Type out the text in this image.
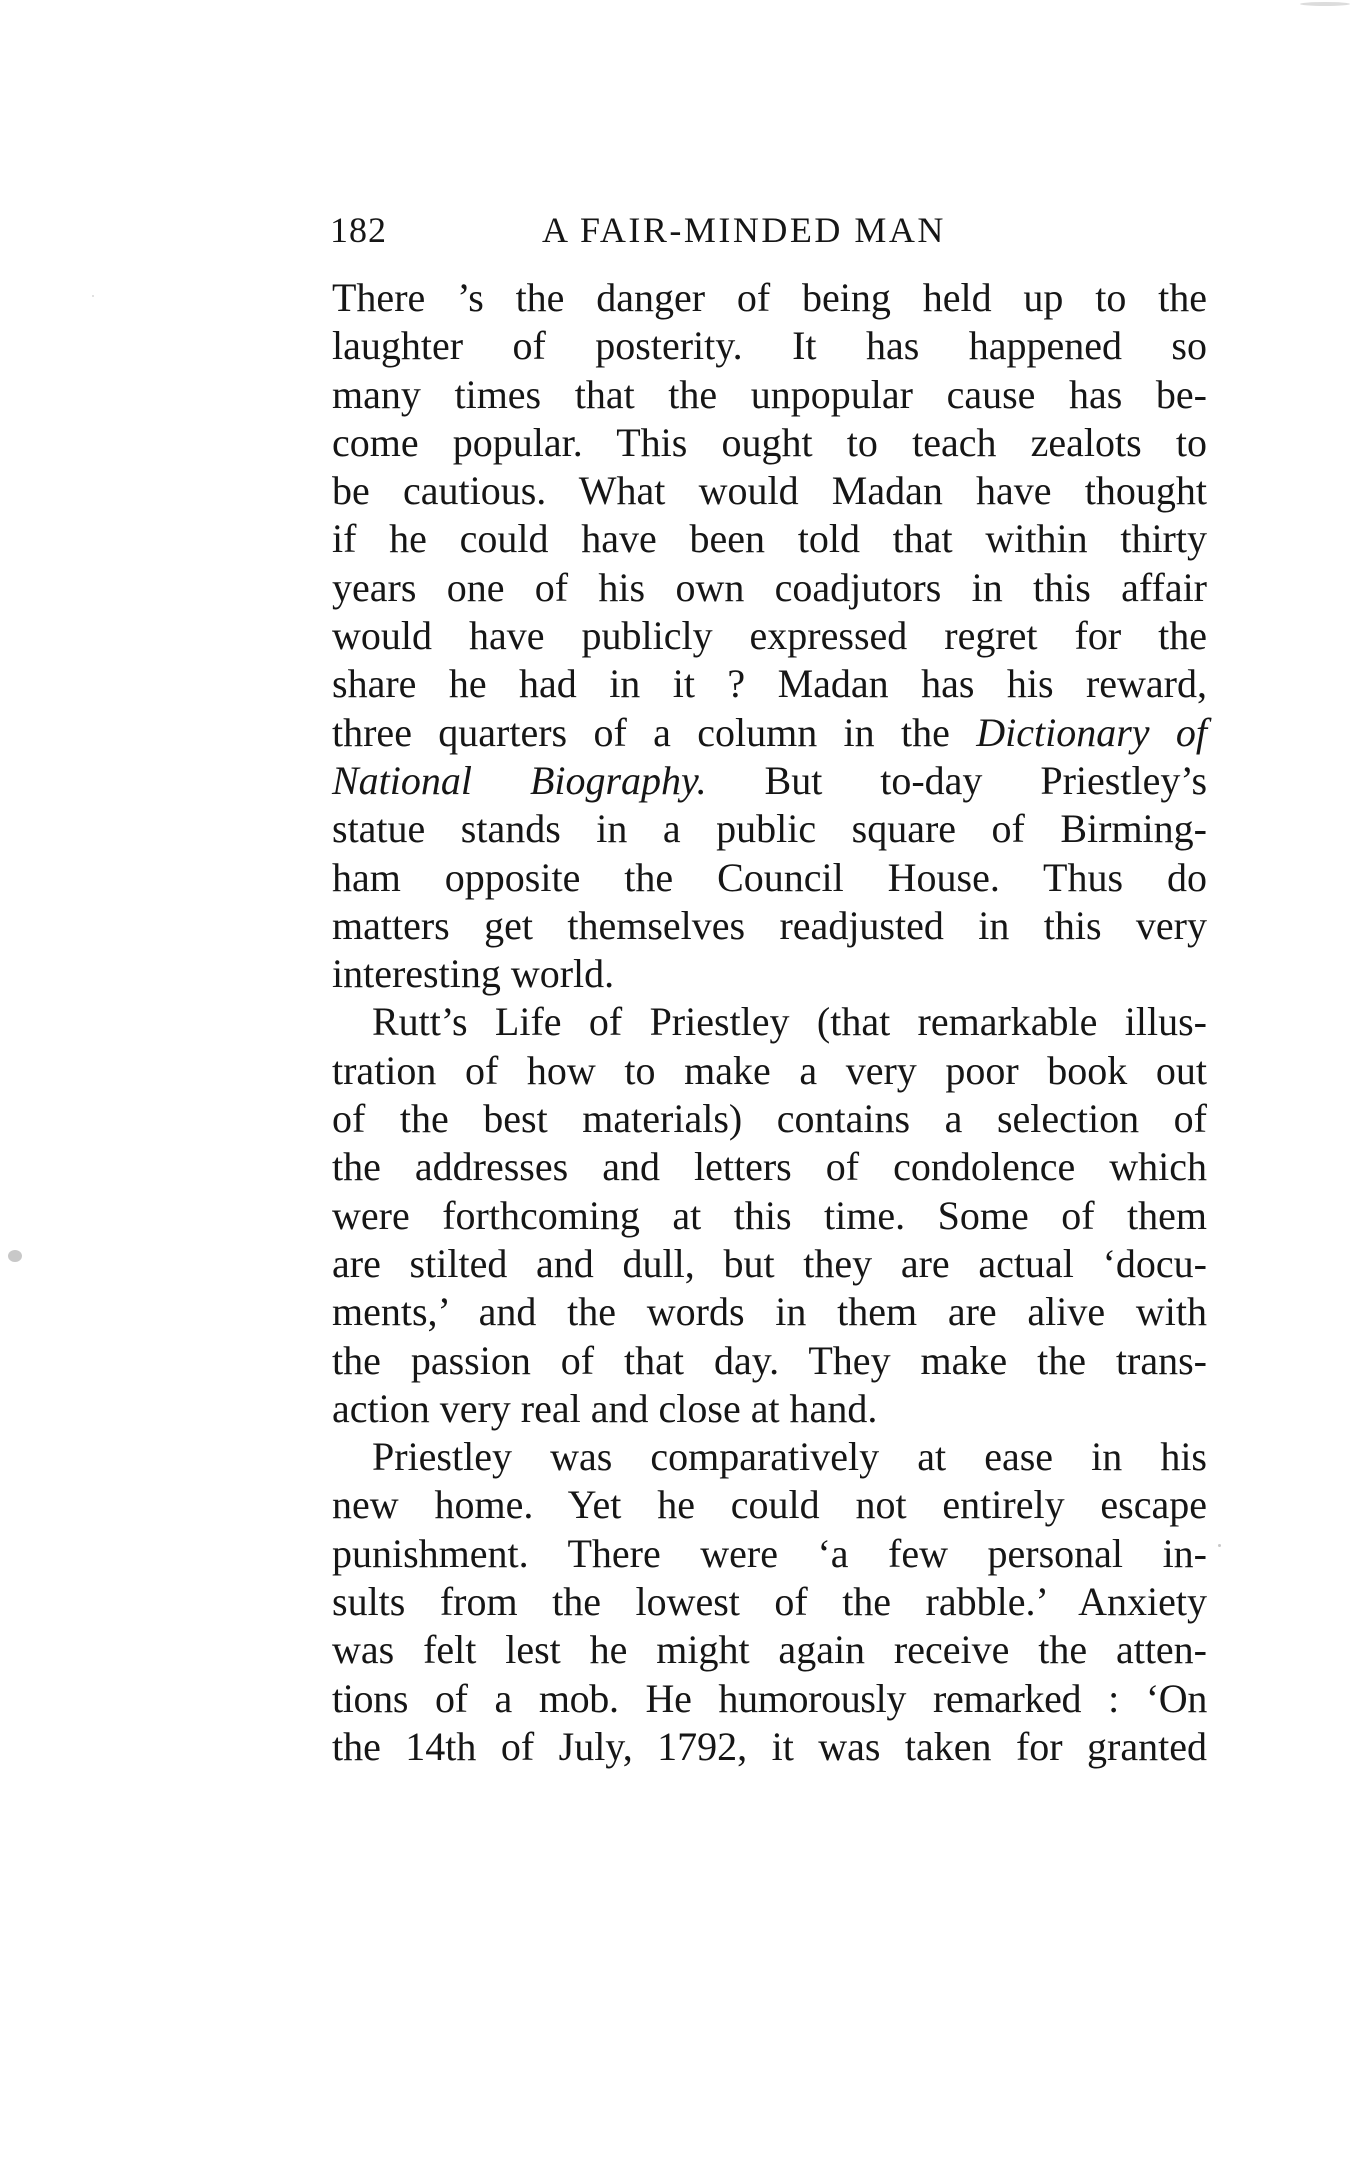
182	A FAIR-MINDED MAN
There ’s the danger of being held up to the
laughter of posterity. It has happened so
many times that the unpopular cause has be-
come popular. This ought to teach zealots to
be cautious. What would Madan have thought
if he could have been told that within thirty
years one of his own coadjutors in this affair
would have publicly expressed regret for the
share he had in it ? Madan has his reward,
three quarters of a column in the Dictionary of
National Biography. But to-day Priestley’s
statue stands in a public square of Birming-
ham opposite the Council House. Thus do
matters get themselves readjusted in this very
interesting world.
Rutt’s Life of Priestley (that remarkable illus-
tration of how to make a very poor book out
of the best materials) contains a selection of
the addresses and letters of condolence which
were forthcoming at this time. Some of them
are stilted and dull, but they are actual ‘docu-
ments,’ and the words in them are alive with
the passion of that day. They make the trans-
action very real and close at hand.
Priestley was comparatively at ease in his
new home. Yet he could not entirely escape
punishment. There were ‘a few personal in-
sults from the lowest of the rabble.’ Anxiety
was felt lest he might again receive the atten-
tions of a mob. He humorously remarked : ‘On
the 14th of July, 1792, it was taken for granted
